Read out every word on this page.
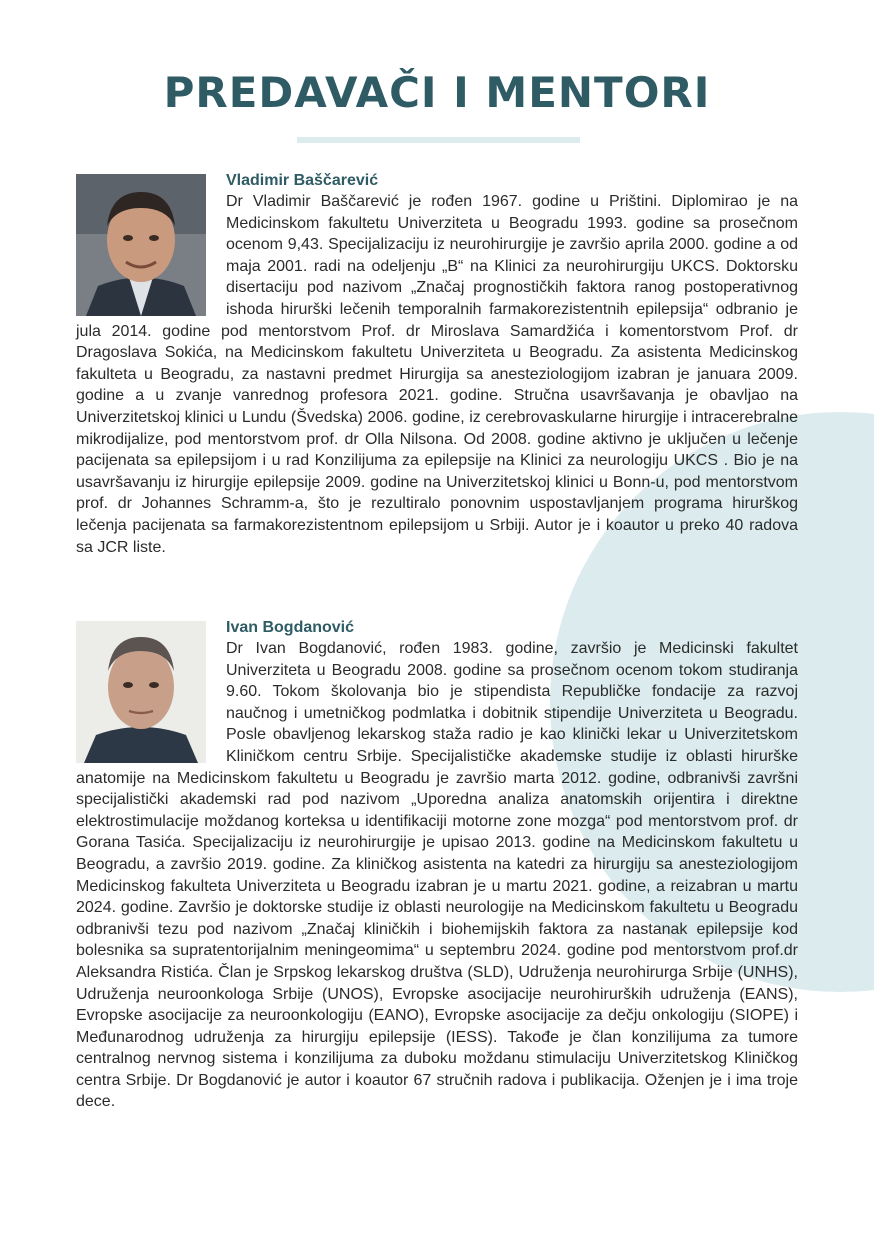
PREDAVAČI I MENTORI

Vladimir Baščarević

Dr Vladimir Baščarević je rođen 1967. godine u Prištini. Diplomirao je na Medicinskom fakultetu Univerziteta u Beogradu 1993. godine sa prosečnom ocenom 9,43. Specijalizaciju iz neurohirurgije je završio aprila 2000. godine a od maja 2001. radi na odeljenju „B“ na Klinici za neurohirurgiju UKCS. Doktorsku disertaciju pod nazivom „Značaj prognostičkih faktora ranog postoperativnog ishoda hirurški lečenih temporalnih farmakorezistentnih epilepsija“ odbranio je jula 2014. godine pod mentorstvom Prof. dr Miroslava Samardžića i komentorstvom Prof. dr Dragoslava Sokića, na Medicinskom fakultetu Univerziteta u Beogradu. Za asistenta Medicinskog fakulteta u Beogradu, za nastavni predmet Hirurgija sa anesteziologijom izabran je januara 2009. godine a u zvanje vanrednog profesora 2021. godine. Stručna usavršavanja je obavljao na Univerzitetskoj klinici u Lundu (Švedska) 2006. godine, iz cerebrovaskularne hirurgije i intracerebralne mikrodijalize, pod mentorstvom prof. dr Olla Nilsona. Od 2008. godine aktivno je uključen u lečenje pacijenata sa epilepsijom i u rad Konzilijuma za epilepsije na Klinici za neurologiju UKCS . Bio je na usavršavanju iz hirurgije epilepsije 2009. godine na Univerzitetskoj klinici u Bonn-u, pod mentorstvom prof. dr Johannes Schramm-a, što je rezultiralo ponovnim uspostavljanjem programa hirurškog lečenja pacijenata sa farmakorezistentnom epilepsijom u Srbiji. Autor je i koautor u preko 40 radova sa JCR liste.

Ivan Bogdanović

Dr Ivan Bogdanović, rođen 1983. godine, završio je Medicinski fakultet Univerziteta u Beogradu 2008. godine sa prosečnom ocenom tokom studiranja 9.60. Tokom školovanja bio je stipendista Republičke fondacije za razvoj naučnog i umetničkog podmlatka i dobitnik stipendije Univerziteta u Beogradu. Posle obavljenog lekarskog staža radio je kao klinički lekar u Univerzitetskom Kliničkom centru Srbije. Specijalističke akademske studije iz oblasti hirurške anatomije na Medicinskom fakultetu u Beogradu je završio marta 2012. godine, odbranivši završni specijalistički akademski rad pod nazivom „Uporedna analiza anatomskih orijentira i direktne elektrostimulacije moždanog korteksa u identifikaciji motorne zone mozga“ pod mentorstvom prof. dr Gorana Tasića. Specijalizaciju iz neurohirurgije je upisao 2013. godine na Medicinskom fakultetu u Beogradu, a završio 2019. godine. Za kliničkog asistenta na katedri za hirurgiju sa anesteziologijom Medicinskog fakulteta Univerziteta u Beogradu izabran je u martu 2021. godine, a reizabran u martu 2024. godine. Završio je doktorske studije iz oblasti neurologije na Medicinskom fakultetu u Beogradu odbranivši tezu pod nazivom „Značaj kliničkih i biohemijskih faktora za nastanak epilepsije kod bolesnika sa supratentorijalnim meningeomima“ u septembru 2024. godine pod mentorstvom prof.dr Aleksandra Ristića. Član je Srpskog lekarskog društva (SLD), Udruženja neurohirurga Srbije (UNHS), Udruženja neuroonkologa Srbije (UNOS), Evropske asocijacije neurohirurških udruženja (EANS), Evropske asocijacije za neuroonkologiju (EANO), Evropske asocijacije za dečju onkologiju (SIOPE) i Međunarodnog udruženja za hirurgiju epilepsije (IESS). Takođe je član konzilijuma za tumore centralnog nervnog sistema i konzilijuma za duboku moždanu stimulaciju Univerzitetskog Kliničkog centra Srbije. Dr Bogdanović je autor i koautor 67 stručnih radova i publikacija. Oženjen je i ima troje dece.
